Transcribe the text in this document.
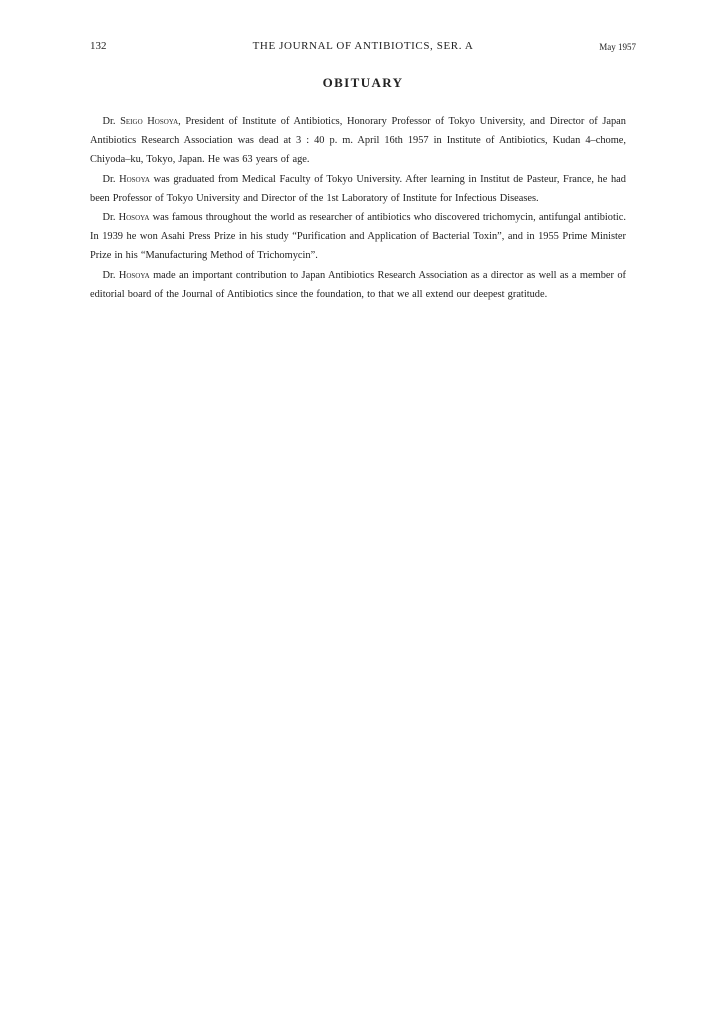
132	THE JOURNAL OF ANTIBIOTICS, SER. A	May 1957
OBITUARY

Dr. Seigo Hosoya, President of Institute of Antibiotics, Honorary Professor of Tokyo University, and Director of Japan Antibiotics Research Association was dead at 3 : 40 p. m. April 16th 1957 in Institute of Antibiotics, Kudan 4–chome, Chiyoda–ku, Tokyo, Japan. He was 63 years of age.

Dr. Hosoya was graduated from Medical Faculty of Tokyo University. After learning in Institut de Pasteur, France, he had been Professor of Tokyo University and Director of the 1st Laboratory of Institute for Infectious Diseases.

Dr. Hosoya was famous throughout the world as researcher of antibiotics who discovered trichomycin, antifungal antibiotic. In 1939 he won Asahi Press Prize in his study “Purification and Application of Bacterial Toxin”, and in 1955 Prime Minister Prize in his “Manufacturing Method of Trichomycin”.

Dr. Hosoya made an important contribution to Japan Antibiotics Research Association as a director as well as a member of editorial board of the Journal of Antibiotics since the foundation, to that we all extend our deepest gratitude.
